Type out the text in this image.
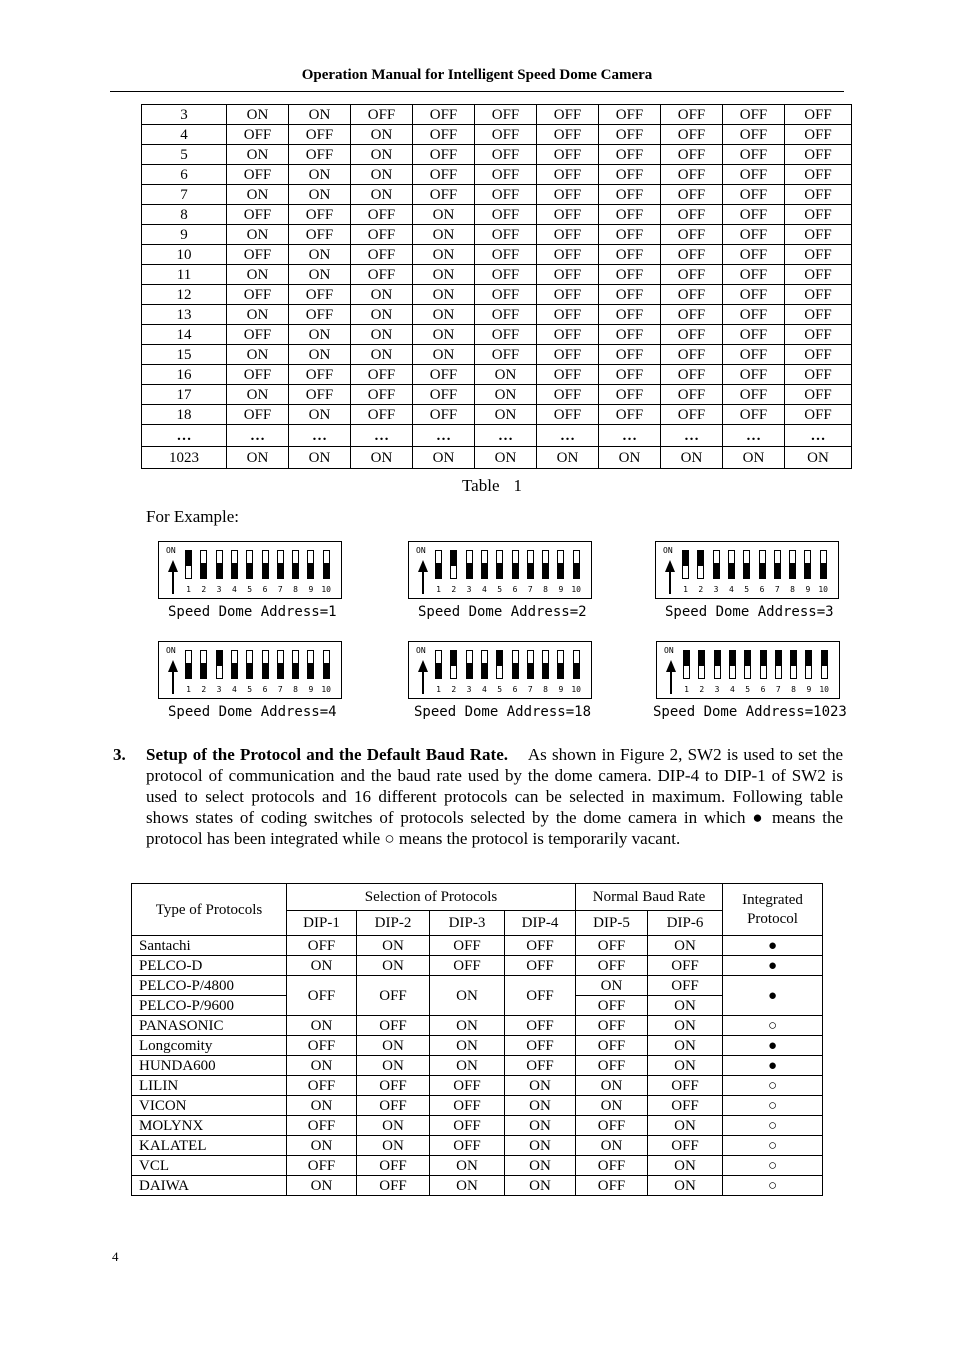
Operation Manual for Intelligent Speed Dome Camera
3	ON	ON	OFF	OFF	OFF	OFF	OFF	OFF	OFF	OFF
4	OFF	OFF	ON	OFF	OFF	OFF	OFF	OFF	OFF	OFF
5	ON	OFF	ON	OFF	OFF	OFF	OFF	OFF	OFF	OFF
6	OFF	ON	ON	OFF	OFF	OFF	OFF	OFF	OFF	OFF
7	ON	ON	ON	OFF	OFF	OFF	OFF	OFF	OFF	OFF
8	OFF	OFF	OFF	ON	OFF	OFF	OFF	OFF	OFF	OFF
9	ON	OFF	OFF	ON	OFF	OFF	OFF	OFF	OFF	OFF
10	OFF	ON	OFF	ON	OFF	OFF	OFF	OFF	OFF	OFF
11	ON	ON	OFF	ON	OFF	OFF	OFF	OFF	OFF	OFF
12	OFF	OFF	ON	ON	OFF	OFF	OFF	OFF	OFF	OFF
13	ON	OFF	ON	ON	OFF	OFF	OFF	OFF	OFF	OFF
14	OFF	ON	ON	ON	OFF	OFF	OFF	OFF	OFF	OFF
15	ON	ON	ON	ON	OFF	OFF	OFF	OFF	OFF	OFF
16	OFF	OFF	OFF	OFF	ON	OFF	OFF	OFF	OFF	OFF
17	ON	OFF	OFF	OFF	ON	OFF	OFF	OFF	OFF	OFF
18	OFF	ON	OFF	OFF	ON	OFF	OFF	OFF	OFF	OFF
…	…	…	…	…	…	…	…	…	…	…
1023	ON	ON	ON	ON	ON	ON	ON	ON	ON	ON
Table 1
For Example:
ON
1	2	3	4	5	6	7	8	9	10
Speed Dome Address=1
ON
1	2	3	4	5	6	7	8	9	10
Speed Dome Address=2
ON
1	2	3	4	5	6	7	8	9	10
Speed Dome Address=3
ON
1	2	3	4	5	6	7	8	9	10
Speed Dome Address=4
ON
1	2	3	4	5	6	7	8	9	10
Speed Dome Address=18
ON
1	2	3	4	5	6	7	8	9	10
Speed Dome Address=1023
3. Setup of the Protocol and the Default Baud Rate. As shown in Figure 2, SW2 is used to set the protocol of communication and the baud rate used by the dome camera. DIP-4 to DIP-1 of SW2 is used to select protocols and 16 different protocols can be selected in maximum. Following table shows states of coding switches of protocols selected by the dome camera in which ● means the protocol has been integrated while ○ means the protocol is temporarily vacant.
Type of Protocols	Selection of Protocols				Normal Baud Rate		Integrated Protocol
	DIP-1	DIP-2	DIP-3	DIP-4	DIP-5	DIP-6	
Santachi	OFF	ON	OFF	OFF	OFF	ON	●
PELCO-D	ON	ON	OFF	OFF	OFF	OFF	●
PELCO-P/4800	OFF	OFF	ON	OFF	ON	OFF	●
PELCO-P/9600					OFF	ON	
PANASONIC	ON	OFF	ON	OFF	OFF	ON	○
Longcomity	OFF	ON	ON	OFF	OFF	ON	●
HUNDA600	ON	ON	ON	OFF	OFF	ON	●
LILIN	OFF	OFF	OFF	ON	ON	OFF	○
VICON	ON	OFF	OFF	ON	ON	OFF	○
MOLYNX	OFF	ON	OFF	ON	OFF	ON	○
KALATEL	ON	ON	OFF	ON	ON	OFF	○
VCL	OFF	OFF	ON	ON	OFF	ON	○
DAIWA	ON	OFF	ON	ON	OFF	ON	○
4
